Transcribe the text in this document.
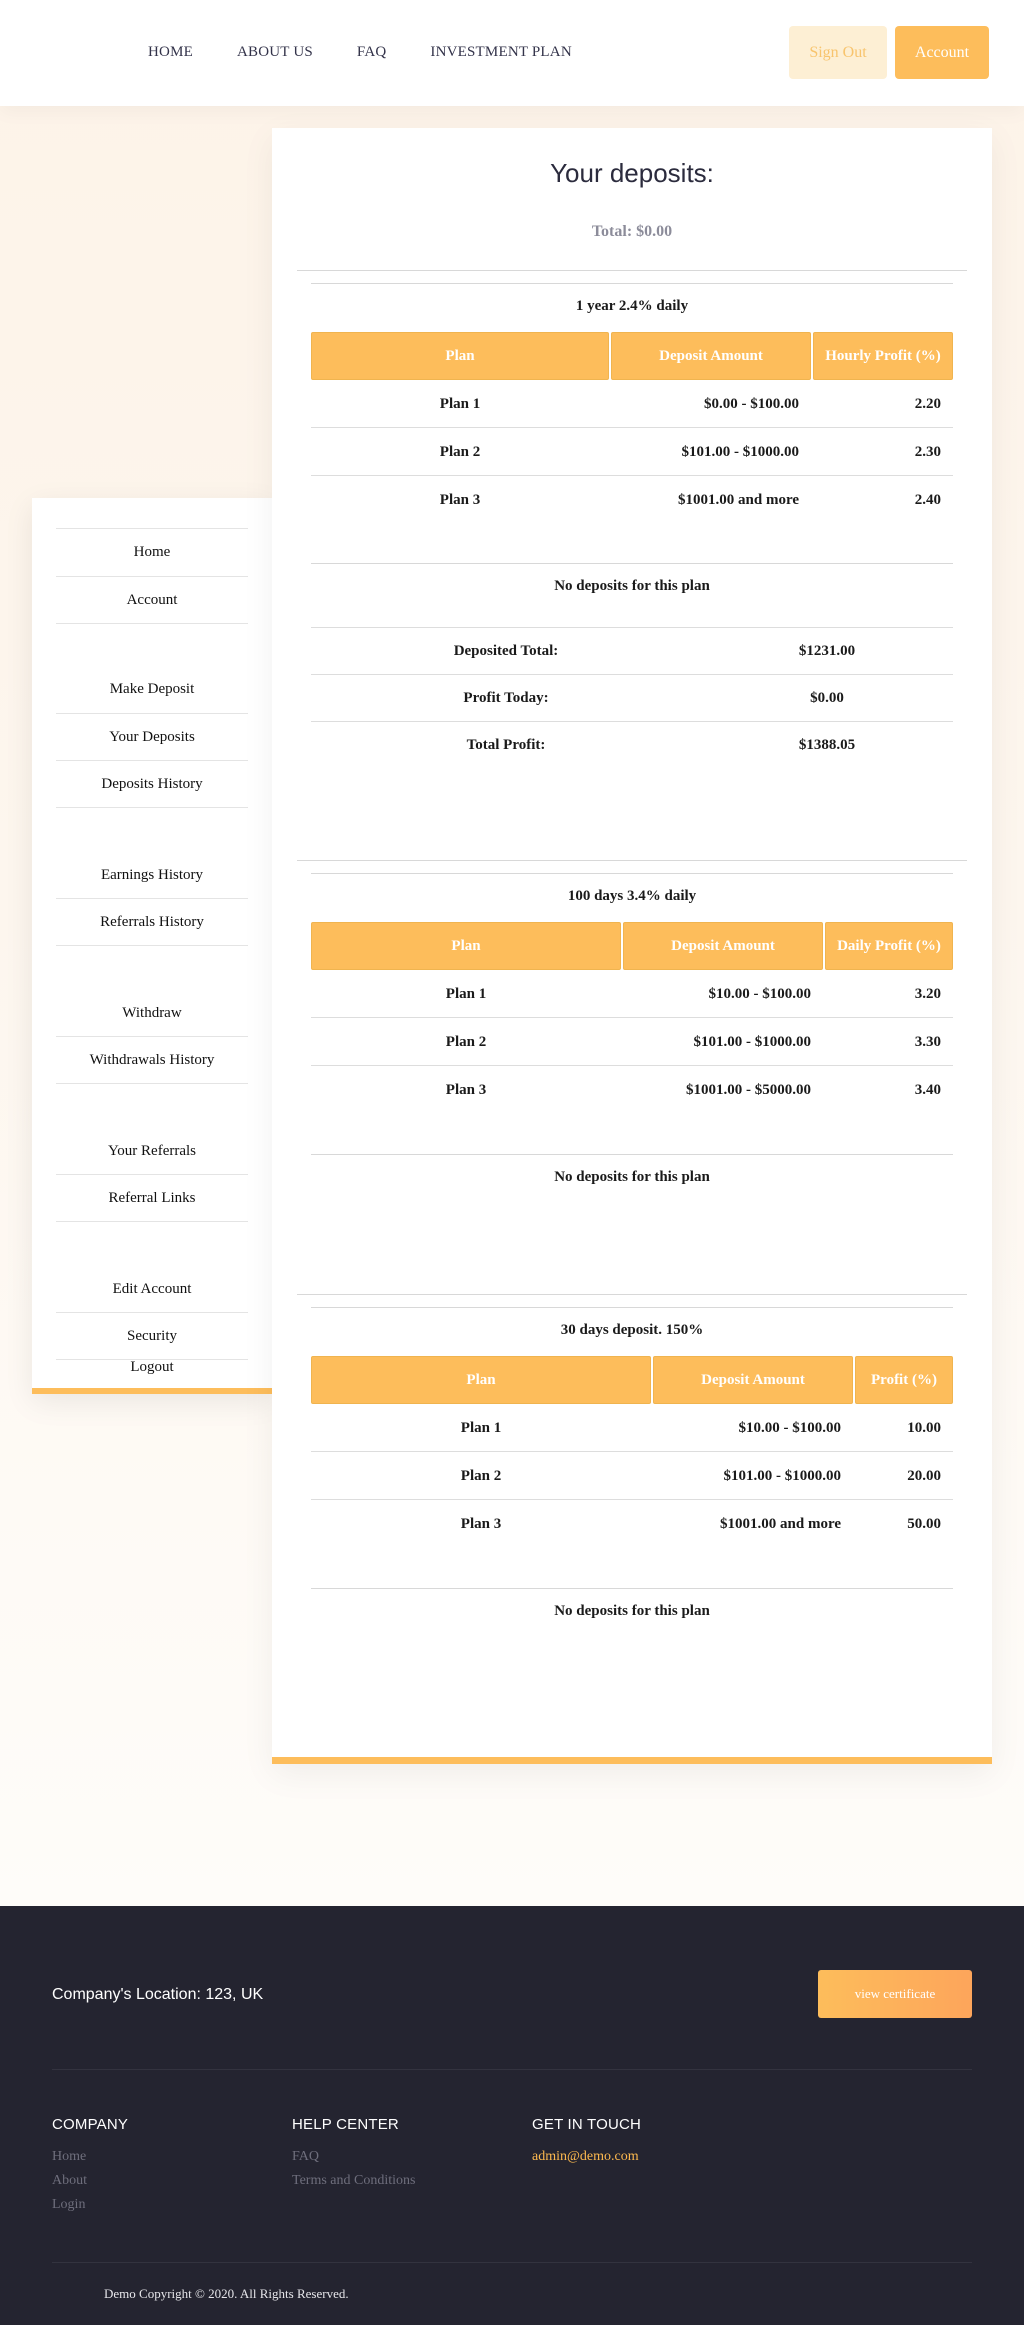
HOME	ABOUT US	FAQ	INVESTMENT PLAN	Sign Out	Account
Home
Account
Make Deposit
Your Deposits
Deposits History
Earnings History
Referrals History
Withdraw
Withdrawals History
Your Referrals
Referral Links
Edit Account
Security
Logout
Your deposits:
Total: $0.00
1 year 2.4% daily
Plan	Deposit Amount	Hourly Profit (%)
Plan 1	$0.00 - $100.00	2.20
Plan 2	$101.00 - $1000.00	2.30
Plan 3	$1001.00 and more	2.40
No deposits for this plan
Deposited Total:	$1231.00
Profit Today:	$0.00
Total Profit:	$1388.05
100 days 3.4% daily
Plan	Deposit Amount	Daily Profit (%)
Plan 1	$10.00 - $100.00	3.20
Plan 2	$101.00 - $1000.00	3.30
Plan 3	$1001.00 - $5000.00	3.40
No deposits for this plan
30 days deposit. 150%
Plan	Deposit Amount	Profit (%)
Plan 1	$10.00 - $100.00	10.00
Plan 2	$101.00 - $1000.00	20.00
Plan 3	$1001.00 and more	50.00
No deposits for this plan
Company's Location: 123, UK	view certificate
COMPANY
Home
About
Login
HELP CENTER
FAQ
Terms and Conditions
GET IN TOUCH
admin@demo.com
Demo Copyright © 2020. All Rights Reserved.
